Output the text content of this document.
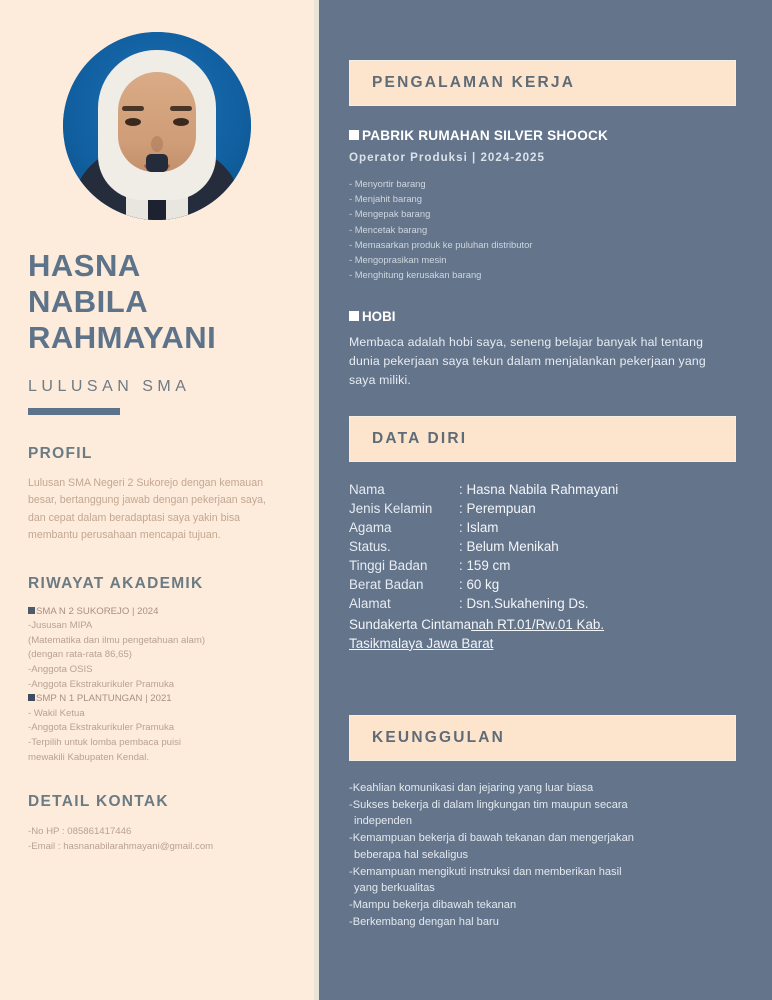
HASNA
NABILA
RAHMAYANI
LULUSAN SMA
PROFIL
Lulusan SMA Negeri 2 Sukorejo dengan kemauan besar, bertanggung jawab dengan pekerjaan saya, dan cepat dalam beradaptasi saya yakin bisa membantu perusahaan mencapai tujuan.
RIWAYAT AKADEMIK
SMA N 2 SUKOREJO | 2024
-Jususan MIPA
(Matematika dan ilmu pengetahuan alam)
(dengan rata-rata 86,65)
-Anggota OSIS
-Anggota Ekstrakurikuler Pramuka
SMP N 1 PLANTUNGAN | 2021
- Wakil Ketua
-Anggota Ekstrakurikuler Pramuka
-Terpilih untuk lomba pembaca puisi
mewakili Kabupaten Kendal.
DETAIL KONTAK
-No HP : 085861417446
-Email : hasnanabilarahmayani@gmail.com
PENGALAMAN KERJA
PABRIK RUMAHAN SILVER SHOOCK
Operator Produksi | 2024-2025
- Menyortir barang
- Menjahit barang
- Mengepak barang
- Mencetak barang
- Memasarkan produk ke puluhan distributor
- Mengoprasikan mesin
- Menghitung kerusakan barang
HOBI
Membaca adalah hobi saya, seneng belajar banyak hal tentang dunia pekerjaan saya tekun dalam menjalankan pekerjaan yang saya miliki.
DATA DIRI
Nama	: Hasna Nabila Rahmayani
Jenis Kelamin	: Perempuan
Agama	: Islam
Status.	: Belum Menikah
Tinggi Badan	: 159 cm
Berat Badan	: 60 kg
Alamat	: Dsn.Sukahening Ds.
Sundakerta Cintamanah RT.01/Rw.01 Kab.
Tasikmalaya Jawa Barat
KEUNGGULAN
-Keahlian komunikasi dan jejaring yang luar biasa
-Sukses bekerja di dalam lingkungan tim maupun secara
independen
-Kemampuan bekerja di bawah tekanan dan mengerjakan
beberapa hal sekaligus
-Kemampuan mengikuti instruksi dan memberikan hasil
yang berkualitas
-Mampu bekerja dibawah tekanan
-Berkembang dengan hal baru
